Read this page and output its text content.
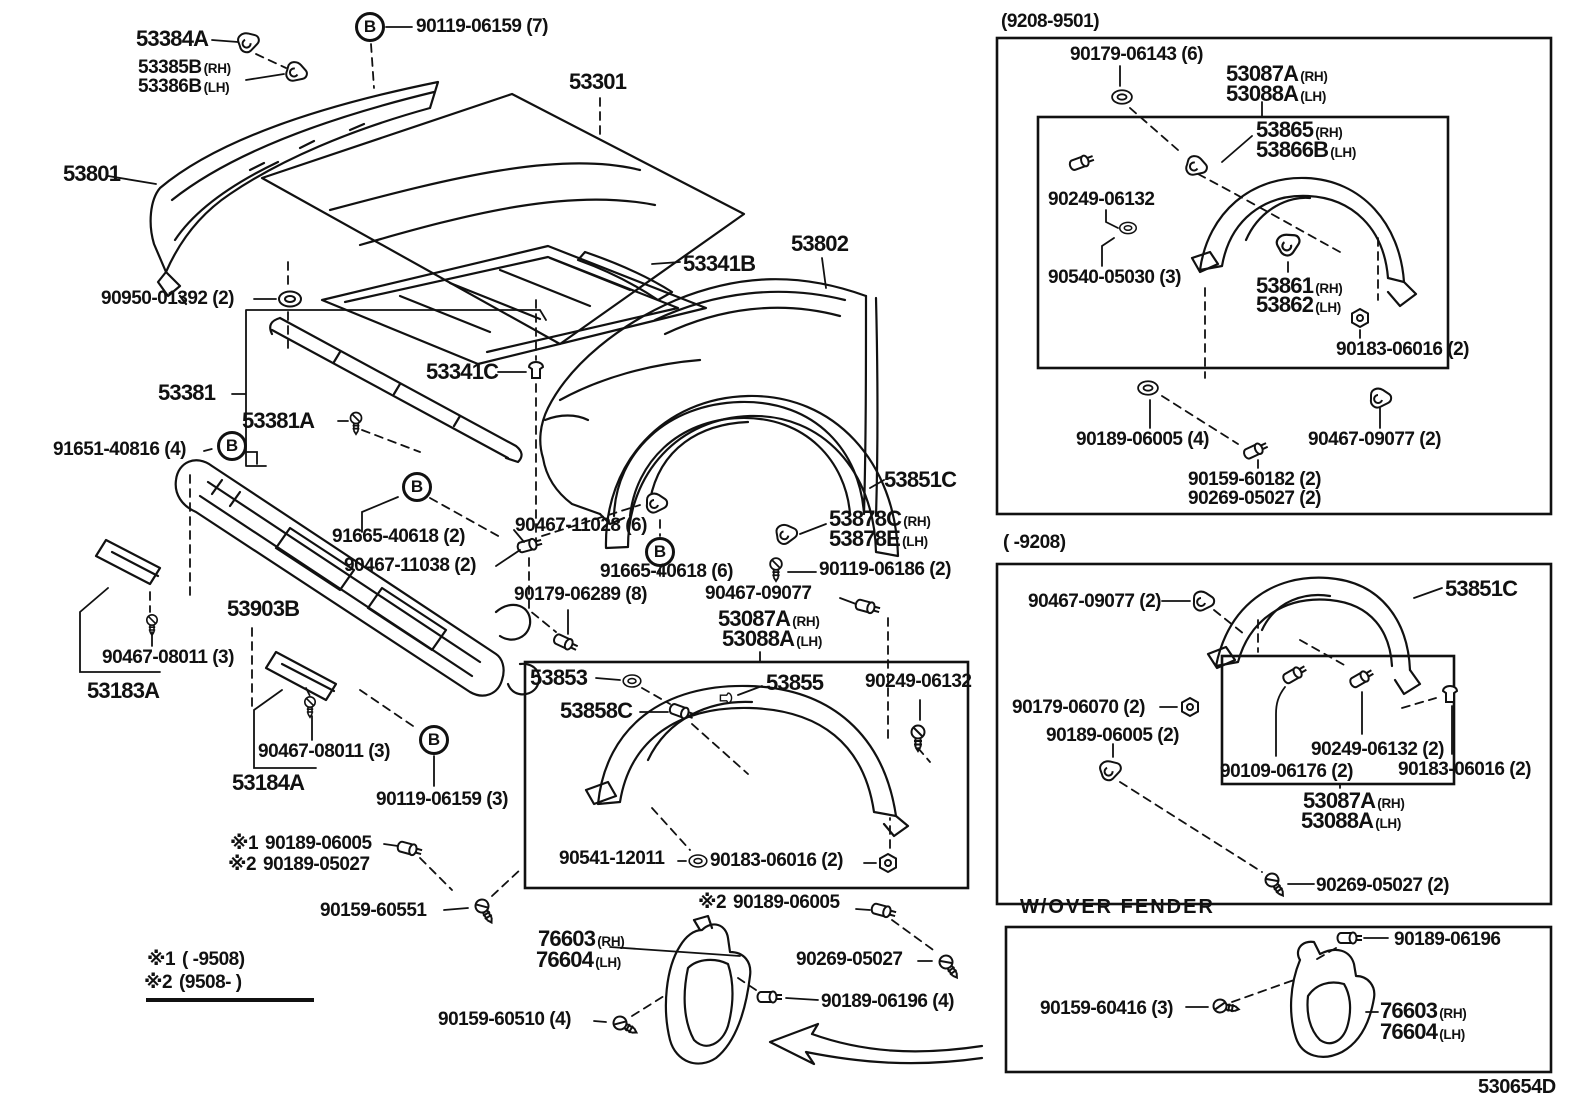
B
B
B
B
B
53384A
53385B (RH)
53386B (LH)
90119-06159 (7)
53301
53801
90950-01392 (2)
53381
53381A
53341B
53341C
53802
91651-40816 (4)
91665-40618 (2)
90467-11028 (6)
90467-11038 (2)	91665-40618 (6)	90119-06186 (2)
53878C (RH)
53878E (LH)
53851C
90179-06289 (8)	90467-09077
53087A (RH)
53088A (LH)
53853	53855
53858C
90249-06132
53903B
90467-08011 (3)
53183A
90467-08011 (3)
53184A
90119-06159 (3)
※1 90189-06005
※2 90189-05027
90159-60551
90541-12011 90183-06016 (2)
※2 90189-06005
76603 (RH)
76604 (LH)	90269-05027
90189-06196 (4)
90159-60510 (4)
※1 ( -9508)
※2 (9508- )
(9208-9501)
90179-06143 (6)
53087A (RH)
53088A (LH)
53865 (RH)
53866B (LH)
90249-06132
90540-05030 (3)	53861 (RH)
53862 (LH)
90183-06016 (2)
90189-06005 (4)	90467-09077 (2)
90159-60182 (2)
90269-05027 (2)
( -9208)
90467-09077 (2)
53851C
90179-06070 (2)
90189-06005 (2)
90249-06132 (2)
90109-06176 (2) 90183-06016 (2)
53087A (RH)
53088A (LH)
90269-05027 (2)
W/OVER FENDER
90189-06196
90159-60416 (3)	76603 (RH)
76604 (LH)
530654D
